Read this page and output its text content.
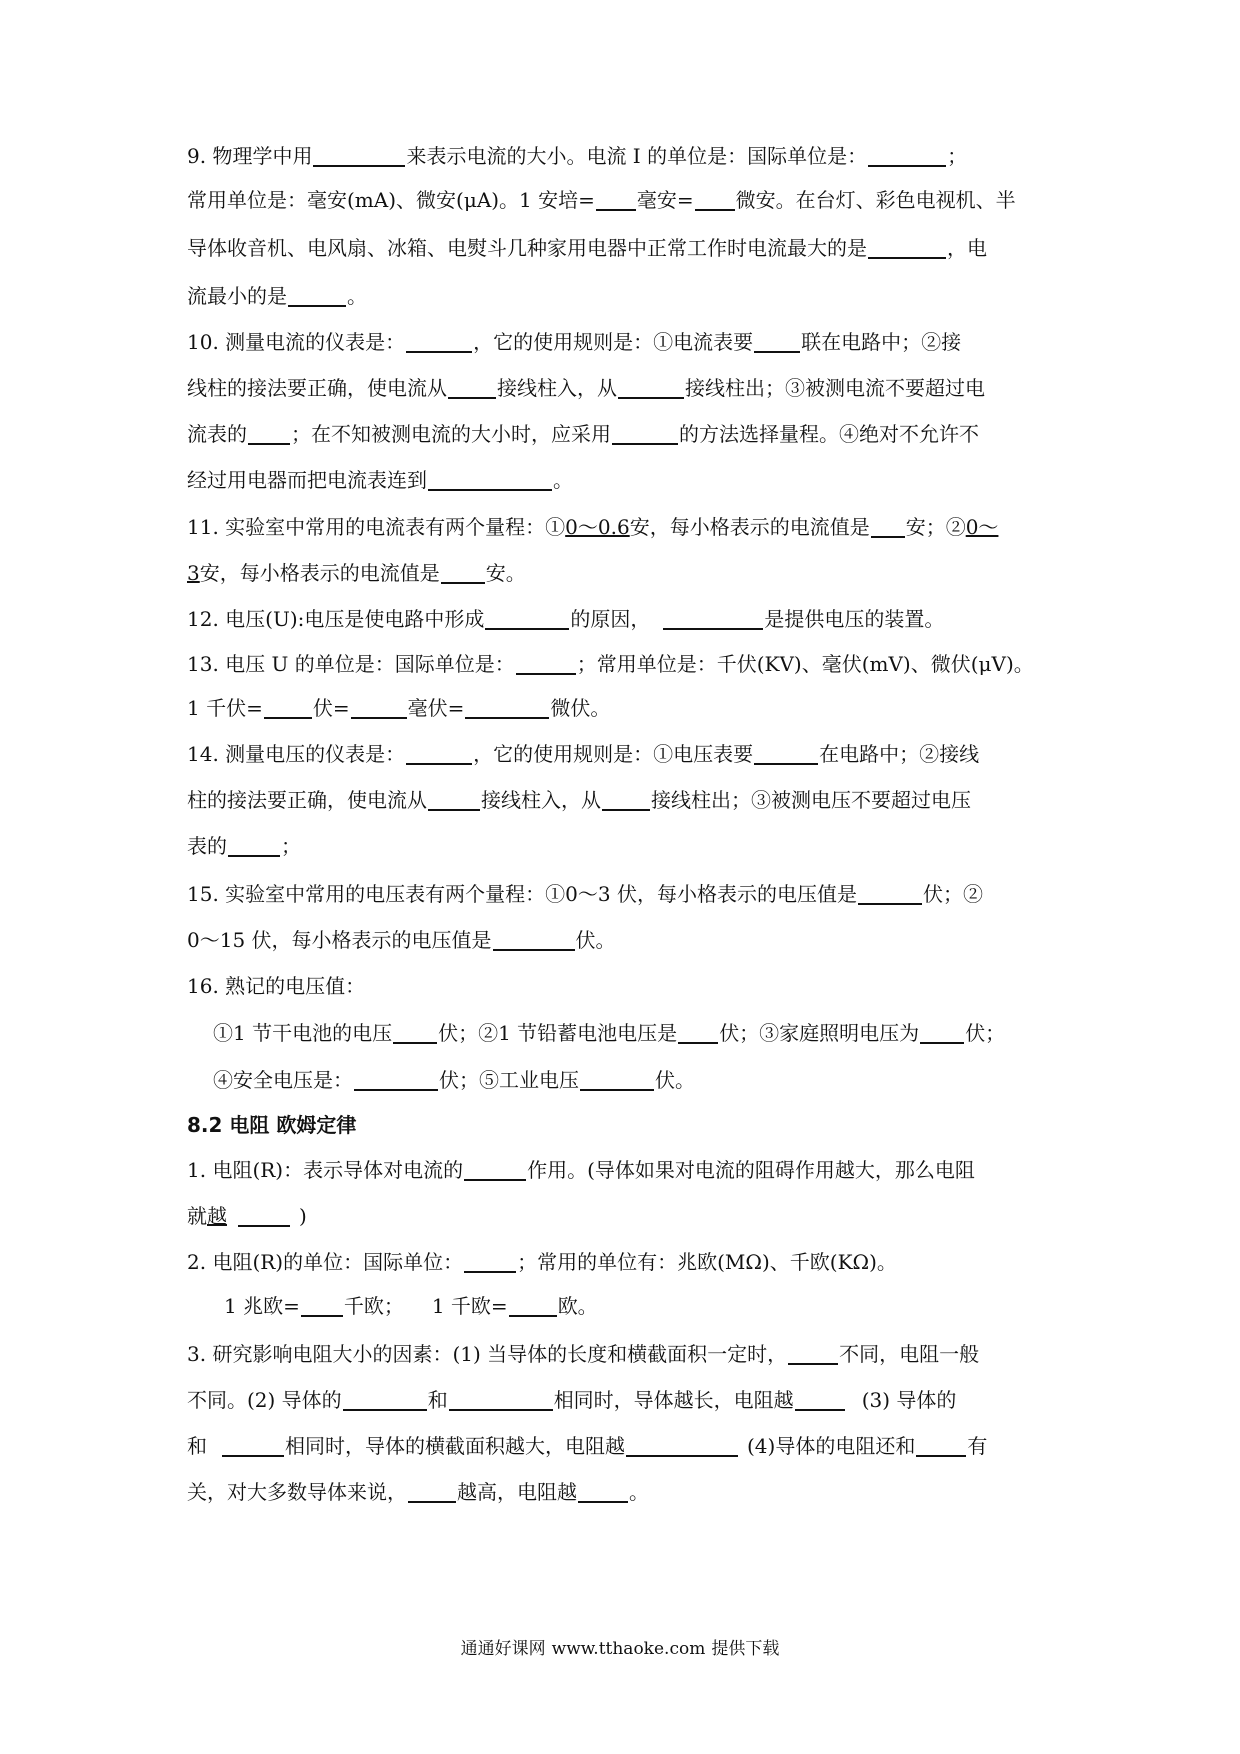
9. 物理学中用	来表示电流的大小。电流 I 的单位是：国际单位是：	；
常用单位是：毫安(mA)、微安(μA)。1 安培= 毫安= 微安。在台灯、彩色电视机、半
导体收音机、电风扇、冰箱、电熨斗几种家用电器中正常工作时电流最大的是	，电
流最小的是	。
10. 测量电流的仪表是：	，它的使用规则是：①电流表要 联在电路中；②接
线柱的接法要正确，使电流从	接线柱入，从	接线柱出；③被测电流不要超过电
流表的 ；在不知被测电流的大小时，应采用	的方法选择量程。④绝对不允许不
经过用电器而把电流表连到	。
11. 实验室中常用的电流表有两个量程：①0～0.6安，每小格表示的电流值是 安；②0～
3安，每小格表示的电流值是 安。
12. 电压(U):电压是使电路中形成	的原因，	是提供电压的装置。
13. 电压 U 的单位是：国际单位是：	；常用单位是：千伏(KV)、毫伏(mV)、微伏(μV)。
1 千伏=	伏=	毫伏=	微伏。
14. 测量电压的仪表是：	，它的使用规则是：①电压表要	在电路中；②接线
柱的接法要正确，使电流从	接线柱入，从	接线柱出；③被测电压不要超过电压
表的	；
15. 实验室中常用的电压表有两个量程：①0～3 伏，每小格表示的电压值是	伏；②
0～15 伏，每小格表示的电压值是	伏。
16. 熟记的电压值：
①1 节干电池的电压 伏；②1 节铅蓄电池电压是 伏；③家庭照明电压为 伏；
④安全电压是：	伏；⑤工业电压	伏。
8.2 电阻 欧姆定律
1. 电阻(R)：表示导体对电流的	作用。(导体如果对电流的阻碍作用越大，那么电阻
就越	)
2. 电阻(R)的单位：国际单位：	；常用的单位有：兆欧(MΩ)、千欧(KΩ)。
1 兆欧= 千欧； 1 千欧=	欧。
3. 研究影响电阻大小的因素：(1) 当导体的长度和横截面积一定时，	不同，电阻一般
不同。(2) 导体的	和	相同时，导体越长，电阻越	(3) 导体的
和	相同时，导体的横截面积越大，电阻越	(4)导体的电阻还和	有
关，对大多数导体来说，	越高，电阻越	。
通通好课网 www.tthaoke.com 提供下载
